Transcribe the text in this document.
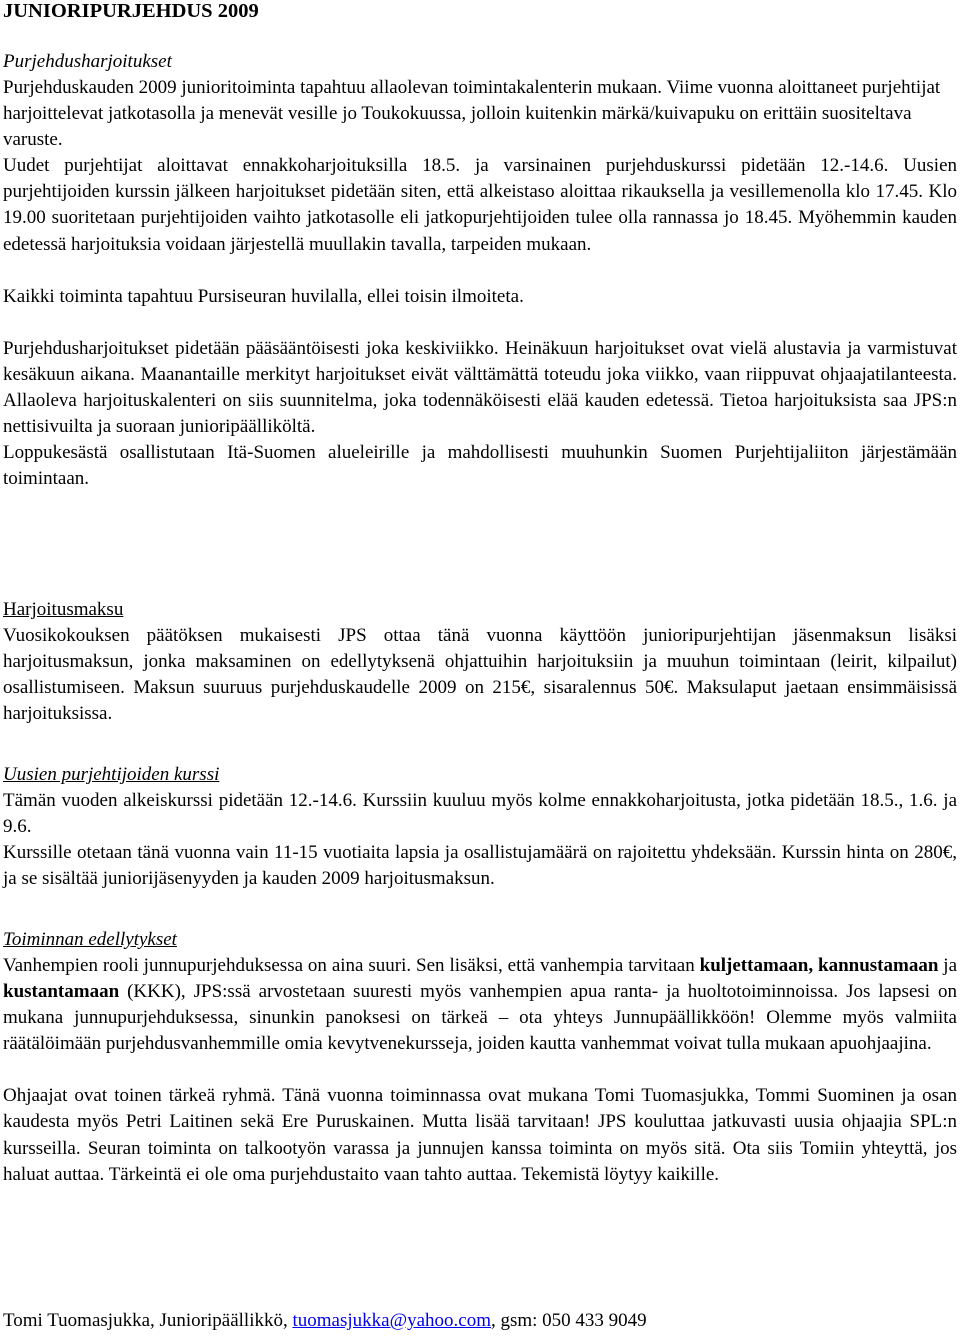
JUNIORIPURJEHDUS 2009
Purjehdusharjoitukset

Purjehduskauden 2009 junioritoiminta tapahtuu allaolevan toimintakalenterin mukaan. Viime vuonna aloittaneet purjehtijat harjoittelevat jatkotasolla ja menevät vesille jo Toukokuussa, jolloin kuitenkin märkä/kuivapuku on erittäin suositeltava varuste.

Uudet purjehtijat aloittavat ennakkoharjoituksilla 18.5. ja varsinainen purjehduskurssi pidetään 12.-14.6. Uusien purjehtijoiden kurssin jälkeen harjoitukset pidetään siten, että alkeistaso aloittaa rikauksella ja vesillemenolla klo 17.45. Klo 19.00 suoritetaan purjehtijoiden vaihto jatkotasolle eli jatkopurjehtijoiden tulee olla rannassa jo 18.45. Myöhemmin kauden edetessä harjoituksia voidaan järjestellä muullakin tavalla, tarpeiden mukaan.

Kaikki toiminta tapahtuu Pursiseuran huvilalla, ellei toisin ilmoiteta.

Purjehdusharjoitukset pidetään pääsääntöisesti joka keskiviikko. Heinäkuun harjoitukset ovat vielä alustavia ja varmistuvat kesäkuun aikana. Maanantaille merkityt harjoitukset eivät välttämättä toteudu joka viikko, vaan riippuvat ohjaajatilanteesta. Allaoleva harjoituskalenteri on siis suunnitelma, joka todennäköisesti elää kauden edetessä. Tietoa harjoituksista saa JPS:n nettisivuilta ja suoraan junioripäälliköltä.

Loppukesästä osallistutaan Itä-Suomen alueleirille ja mahdollisesti muuhunkin Suomen Purjehtijaliiton järjestämään toimintaan.

Harjoitusmaksu

Vuosikokouksen päätöksen mukaisesti JPS ottaa tänä vuonna käyttöön junioripurjehtijan jäsenmaksun lisäksi harjoitusmaksun, jonka maksaminen on edellytyksenä ohjattuihin harjoituksiin ja muuhun toimintaan (leirit, kilpailut) osallistumiseen. Maksun suuruus purjehduskaudelle 2009 on 215€, sisaralennus 50€. Maksulaput jaetaan ensimmäisissä harjoituksissa.

Uusien purjehtijoiden kurssi

Tämän vuoden alkeiskurssi pidetään 12.-14.6. Kurssiin kuuluu myös kolme ennakkoharjoitusta, jotka pidetään 18.5., 1.6. ja 9.6.

Kurssille otetaan tänä vuonna vain 11-15 vuotiaita lapsia ja osallistujamäärä on rajoitettu yhdeksään. Kurssin hinta on 280€, ja se sisältää juniorijäsenyyden ja kauden 2009 harjoitusmaksun.

Toiminnan edellytykset

Vanhempien rooli junnupurjehduksessa on aina suuri. Sen lisäksi, että vanhempia tarvitaan kuljettamaan, kannustamaan ja kustantamaan (KKK), JPS:ssä arvostetaan suuresti myös vanhempien apua ranta- ja huoltotoiminnoissa. Jos lapsesi on mukana junnupurjehduksessa, sinunkin panoksesi on tärkeä – ota yhteys Junnupäällikköön! Olemme myös valmiita räätälöimään purjehdusvanhemmille omia kevytvenekursseja, joiden kautta vanhemmat voivat tulla mukaan apuohjaajina.

Ohjaajat ovat toinen tärkeä ryhmä. Tänä vuonna toiminnassa ovat mukana Tomi Tuomasjukka, Tommi Suominen ja osan kaudesta myös Petri Laitinen sekä Ere Puruskainen. Mutta lisää tarvitaan! JPS kouluttaa jatkuvasti uusia ohjaajia SPL:n kursseilla. Seuran toiminta on talkootyön varassa ja junnujen kanssa toiminta on myös sitä. Ota siis Tomiin yhteyttä, jos haluat auttaa. Tärkeintä ei ole oma purjehdustaito vaan tahto auttaa. Tekemistä löytyy kaikille.

Tomi Tuomasjukka, Junioripäällikkö, tuomasjukka@yahoo.com, gsm: 050 433 9049
